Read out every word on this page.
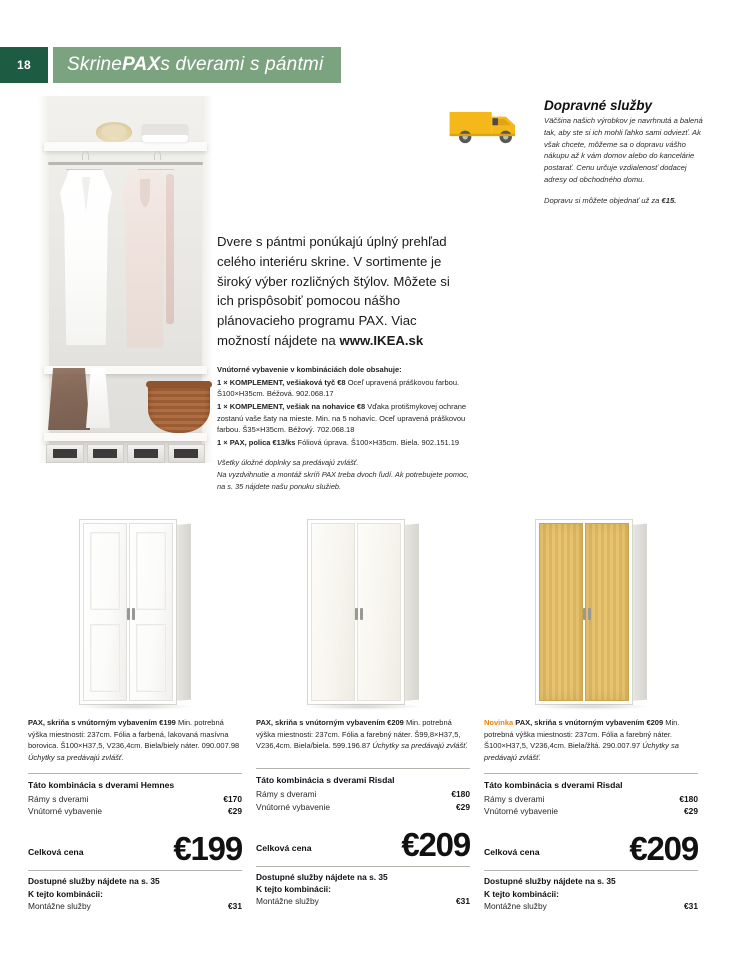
18	Skrine PAX s dverami s pántmi
Dopravné služby
Väčšina našich výrobkov je navrhnutá a balená tak, aby ste si ich mohli ľahko sami odviezť. Ak však chcete, môžeme sa o dopravu vášho nákupu až k vám domov alebo do kancelárie postarať. Cenu určuje vzdialenosť dodacej adresy od obchodného domu.
Dopravu si môžete objednať už za €15.
Dvere s pántmi ponúkajú úplný prehľad celého interiéru skrine. V sortimente je široký výber rozličných štýlov. Môžete si ich prispôsobiť pomocou nášho plánovacieho programu PAX. Viac možností nájdete na www.IKEA.sk
Vnútorné vybavenie v kombináciách dole obsahuje:
1 × KOMPLEMENT, vešiaková tyč €8 Oceľ upravená práškovou farbou. Š100×H35cm. Béžová. 902.068.17
1 × KOMPLEMENT, vešiak na nohavice €8 Vďaka protišmykovej ochrane zostanú vaše šaty na mieste. Min. na 5 nohavíc. Oceľ upravená práškovou farbou. Š35×H35cm. Béžový. 702.068.18
1 × PAX, polica €13/ks Fóliová úprava. Š100×H35cm. Biela. 902.151.19
Všetky úložné doplnky sa predávajú zvlášť.
Na vyzdvihnutie a montáž skríň PAX treba dvoch ľudí. Ak potrebujete pomoc, na s. 35 nájdete našu ponuku služieb.
PAX, skriňa s vnútorným vybavením €199 Min. potrebná výška miestnosti: 237cm. Fólia a farbená, lakovaná masívna borovica. Š100×H37,5, V236,4cm. Biela/biely náter. 090.007.98 Úchytky sa predávajú zvlášť.
Táto kombinácia s dverami Hemnes
Rámy s dverami	€170
Vnútorné vybavenie	€29
Celková cena	€199
Dostupné služby nájdete na s. 35
K tejto kombinácii:
Montážne služby	€31
PAX, skriňa s vnútorným vybavením €209 Min. potrebná výška miestnosti: 237cm. Fólia a farebný náter. Š99,8×H37,5, V236,4cm. Biela/biela. 599.196.87 Úchytky sa predávajú zvlášť.
Táto kombinácia s dverami Risdal
Rámy s dverami	€180
Vnútorné vybavenie	€29
Celková cena	€209
Dostupné služby nájdete na s. 35
K tejto kombinácii:
Montážne služby	€31
Novinka PAX, skriňa s vnútorným vybavením €209 Min. potrebná výška miestnosti: 237cm. Fólia a farebný náter. Š100×H37,5, V236,4cm. Biela/žltá. 290.007.97 Úchytky sa predávajú zvlášť.
Táto kombinácia s dverami Risdal
Rámy s dverami	€180
Vnútorné vybavenie	€29
Celková cena	€209
Dostupné služby nájdete na s. 35
K tejto kombinácii:
Montážne služby	€31
